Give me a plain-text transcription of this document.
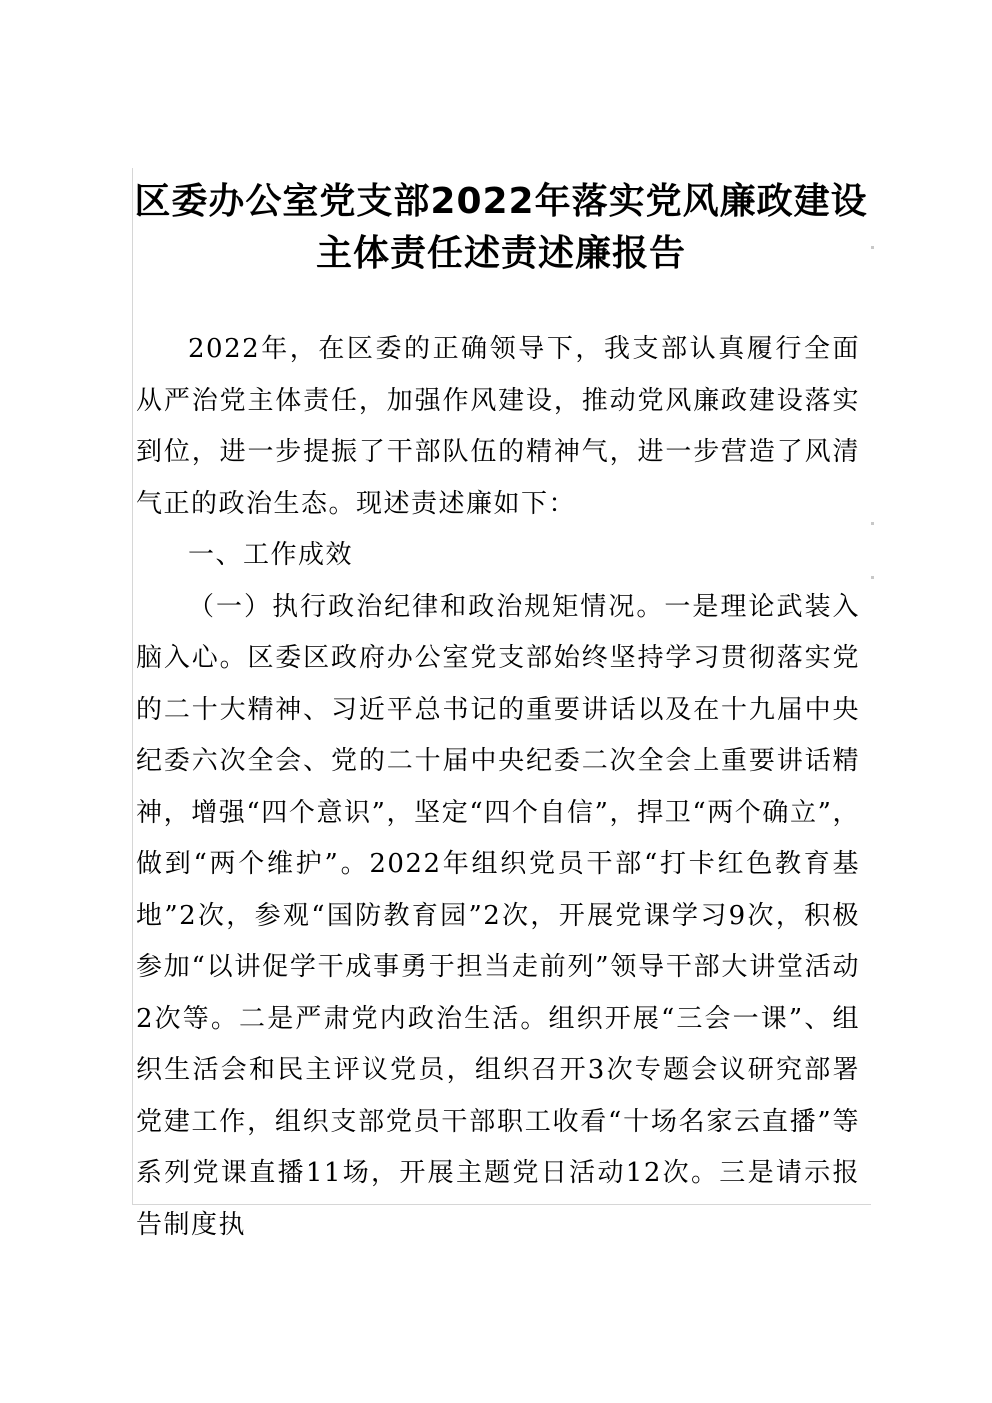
区委办公室党支部2022年落实党风廉政建设
主体责任述责述廉报告

2022年，在区委的正确领导下，我支部认真履行全面从严治党主体责任，加强作风建设，推动党风廉政建设落实到位，进一步提振了干部队伍的精神气，进一步营造了风清气正的政治生态。现述责述廉如下：

一、工作成效

（一）执行政治纪律和政治规矩情况。一是理论武装入脑入心。区委区政府办公室党支部始终坚持学习贯彻落实党的二十大精神、习近平总书记的重要讲话以及在十九届中央纪委六次全会、党的二十届中央纪委二次全会上重要讲话精神，增强“四个意识”，坚定“四个自信”，捍卫“两个确立”，做到“两个维护”。2022年组织党员干部“打卡红色教育基地”2次，参观“国防教育园”2次，开展党课学习9次，积极参加“以讲促学干成事勇于担当走前列”领导干部大讲堂活动2次等。二是严肃党内政治生活。组织开展“三会一课”、组织生活会和民主评议党员，组织召开3次专题会议研究部署党建工作，组织支部党员干部职工收看“十场名家云直播”等系列党课直播11场，开展主题党日活动12次。三是请示报告制度执
